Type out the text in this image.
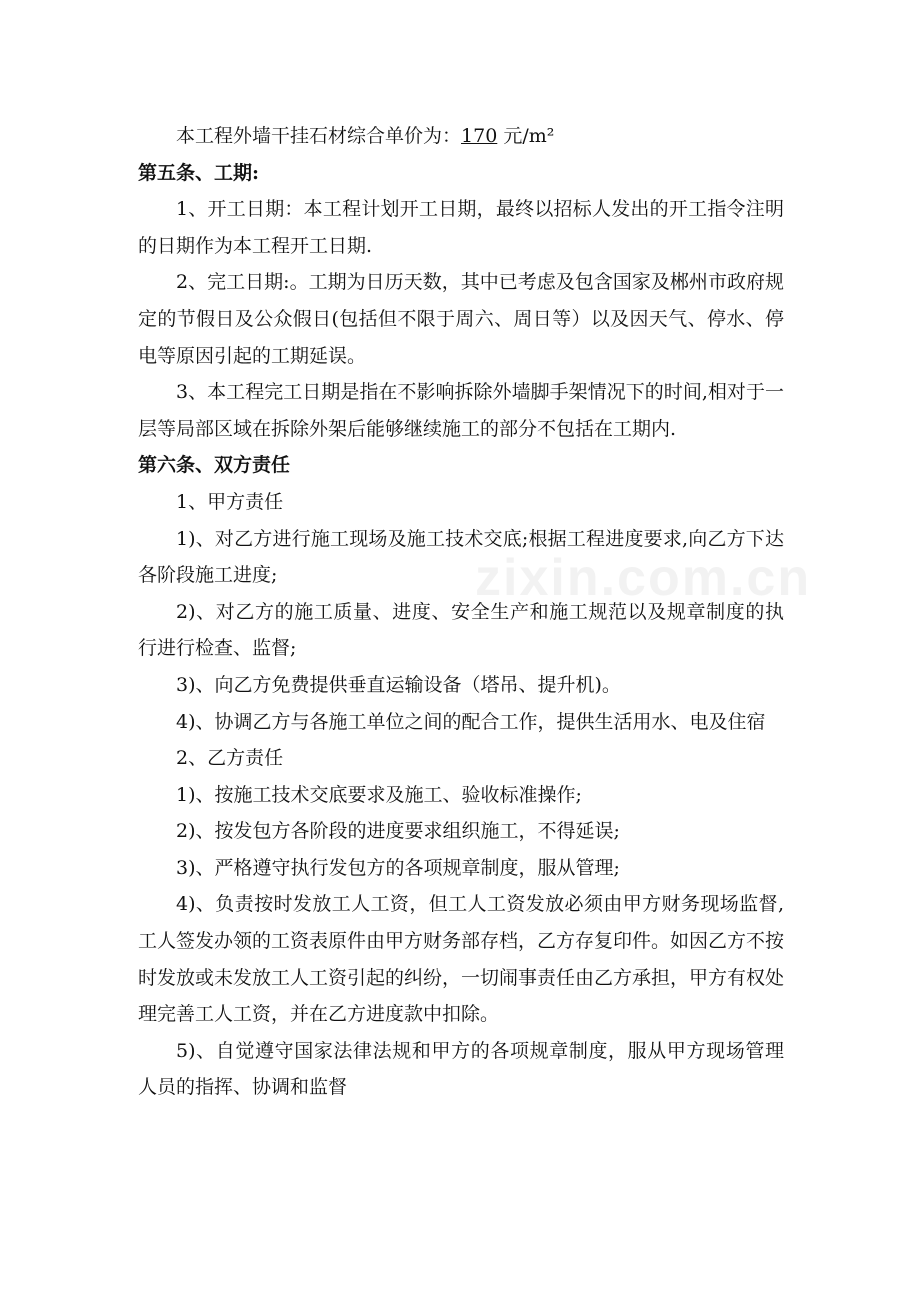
zixin.com.cn

本工程外墙干挂石材综合单价为：170 元/m²

第五条、工期:

1、开工日期：本工程计划开工日期，最终以招标人发出的开工指令注明的日期作为本工程开工日期.

2、完工日期:。工期为日历天数，其中已考虑及包含国家及郴州市政府规定的节假日及公众假日(包括但不限于周六、周日等）以及因天气、停水、停电等原因引起的工期延误。

3、本工程完工日期是指在不影响拆除外墙脚手架情况下的时间,相对于一层等局部区域在拆除外架后能够继续施工的部分不包括在工期内.

第六条、双方责任

1、甲方责任

1)、对乙方进行施工现场及施工技术交底;根据工程进度要求,向乙方下达各阶段施工进度;

2)、对乙方的施工质量、进度、安全生产和施工规范以及规章制度的执行进行检查、监督;

3)、向乙方免费提供垂直运输设备（塔吊、提升机)。

4)、协调乙方与各施工单位之间的配合工作，提供生活用水、电及住宿

2、乙方责任

1)、按施工技术交底要求及施工、验收标准操作;

2)、按发包方各阶段的进度要求组织施工，不得延误;

3)、严格遵守执行发包方的各项规章制度，服从管理;

4)、负责按时发放工人工资，但工人工资发放必须由甲方财务现场监督,工人签发办领的工资表原件由甲方财务部存档，乙方存复印件。如因乙方不按时发放或未发放工人工资引起的纠纷，一切闹事责任由乙方承担，甲方有权处理完善工人工资，并在乙方进度款中扣除。

5)、自觉遵守国家法律法规和甲方的各项规章制度，服从甲方现场管理人员的指挥、协调和监督
